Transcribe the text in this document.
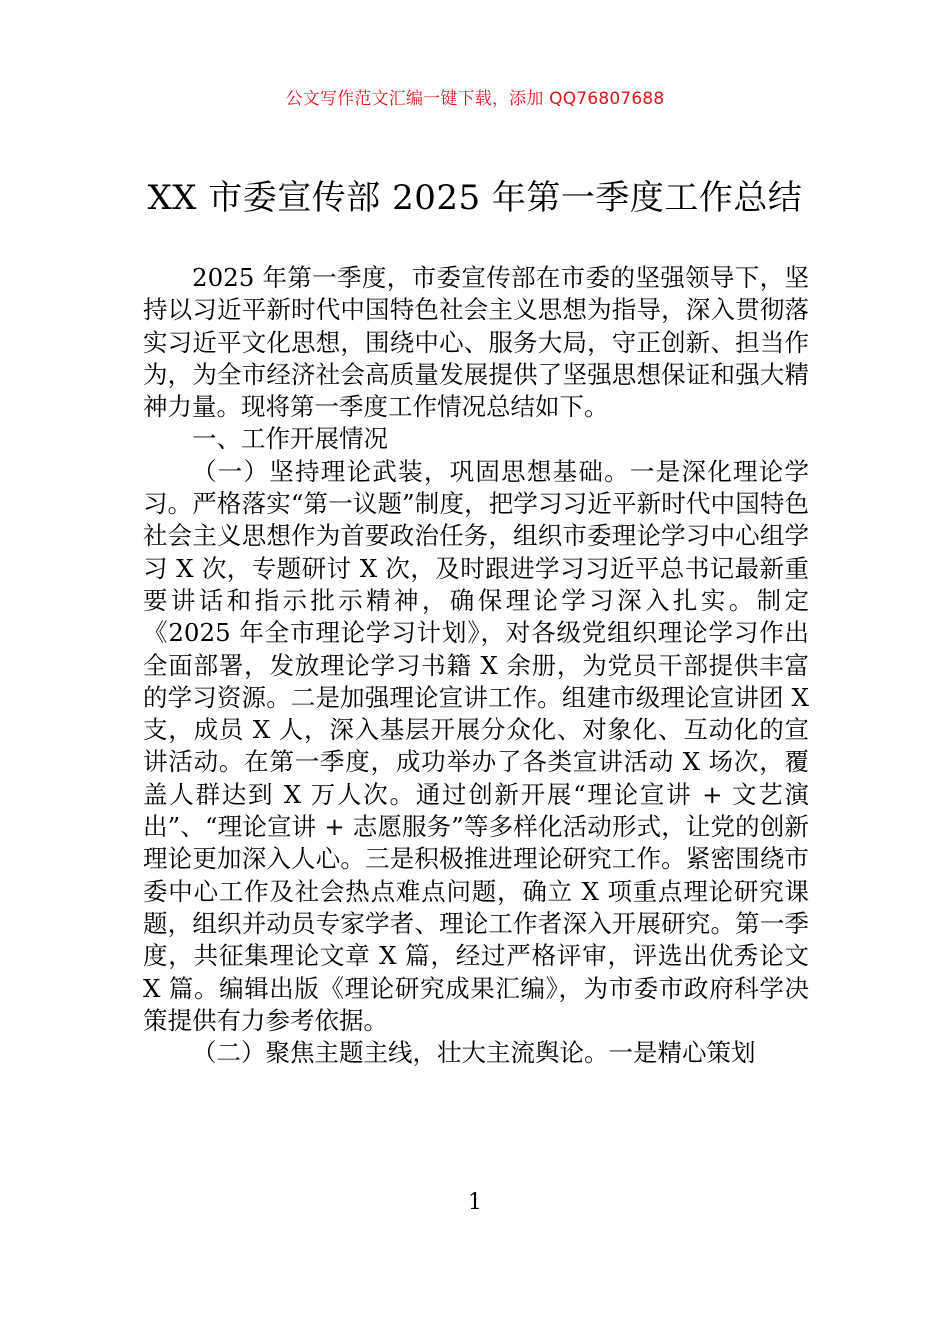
公文写作范文汇编一键下载，添加 QQ76807688
XX 市委宣传部 2025 年第一季度工作总结

2025 年第一季度，市委宣传部在市委的坚强领导下，坚持以习近平新时代中国特色社会主义思想为指导，深入贯彻落实习近平文化思想，围绕中心、服务大局，守正创新、担当作为，为全市经济社会高质量发展提供了坚强思想保证和强大精神力量。现将第一季度工作情况总结如下。

一、工作开展情况

（一）坚持理论武装，巩固思想基础。一是深化理论学习。严格落实“第一议题”制度，把学习习近平新时代中国特色社会主义思想作为首要政治任务，组织市委理论学习中心组学习 X 次，专题研讨 X 次，及时跟进学习习近平总书记最新重要讲话和指示批示精神，确保理论学习深入扎实。制定《2025 年全市理论学习计划》，对各级党组织理论学习作出全面部署，发放理论学习书籍 X 余册，为党员干部提供丰富的学习资源。二是加强理论宣讲工作。组建市级理论宣讲团 X 支，成员 X 人，深入基层开展分众化、对象化、互动化的宣讲活动。在第一季度，成功举办了各类宣讲活动 X 场次，覆盖人群达到 X 万人次。通过创新开展“理论宣讲 + 文艺演出”、“理论宣讲 + 志愿服务”等多样化活动形式，让党的创新理论更加深入人心。三是积极推进理论研究工作。紧密围绕市委中心工作及社会热点难点问题，确立 X 项重点理论研究课题，组织并动员专家学者、理论工作者深入开展研究。第一季度，共征集理论文章 X 篇，经过严格评审，评选出优秀论文 X 篇。编辑出版《理论研究成果汇编》，为市委市政府科学决策提供有力参考依据。

（二）聚焦主题主线，壮大主流舆论。一是精心策划

1
